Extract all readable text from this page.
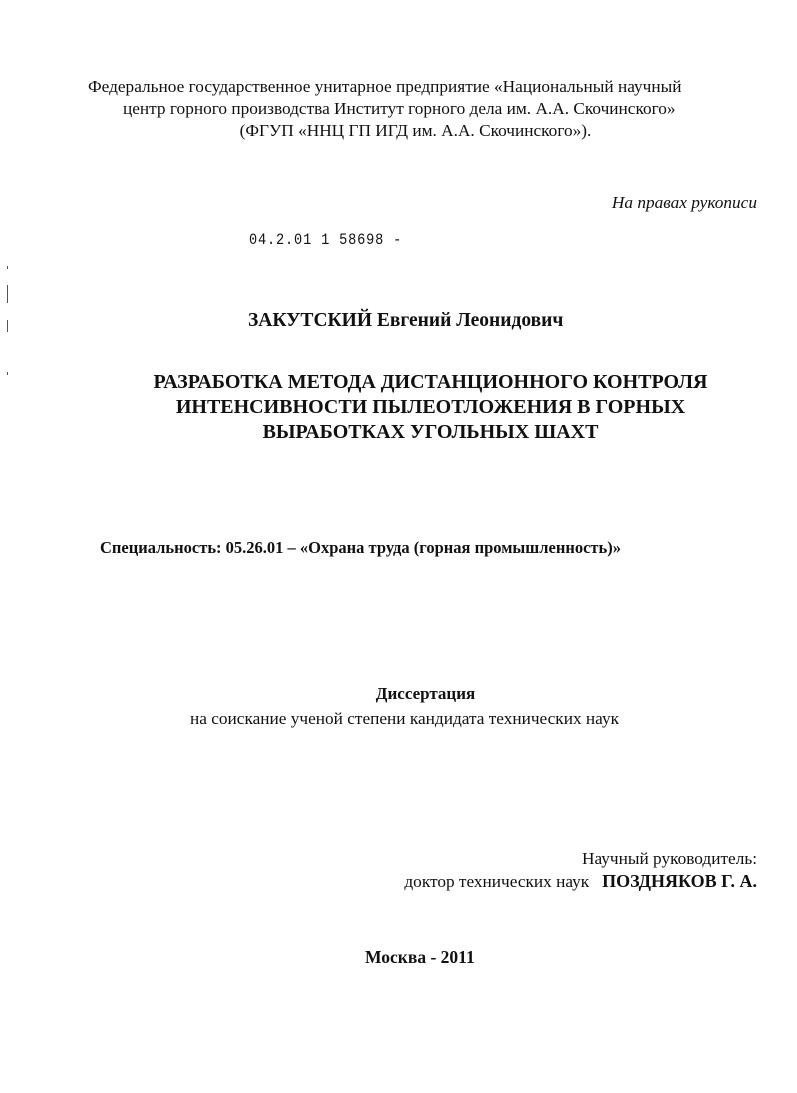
Федеральное государственное унитарное предприятие «Национальный научный
центр горного производства Институт горного дела им. А.А. Скочинского»
(ФГУП «ННЦ ГП ИГД им. А.А. Скочинского»).
На правах рукописи
04.2.01 1 58698 -
ЗАКУТСКИЙ Евгений Леонидович
РАЗРАБОТКА МЕТОДА ДИСТАНЦИОННОГО КОНТРОЛЯ
ИНТЕНСИВНОСТИ ПЫЛЕОТЛОЖЕНИЯ В ГОРНЫХ
ВЫРАБОТКАХ УГОЛЬНЫХ ШАХТ
Специальность: 05.26.01 – «Охрана труда (горная промышленность)»
Диссертация
на соискание ученой степени кандидата технических наук
Научный руководитель:
доктор технических наук ПОЗДНЯКОВ Г. А.
Москва - 2011
